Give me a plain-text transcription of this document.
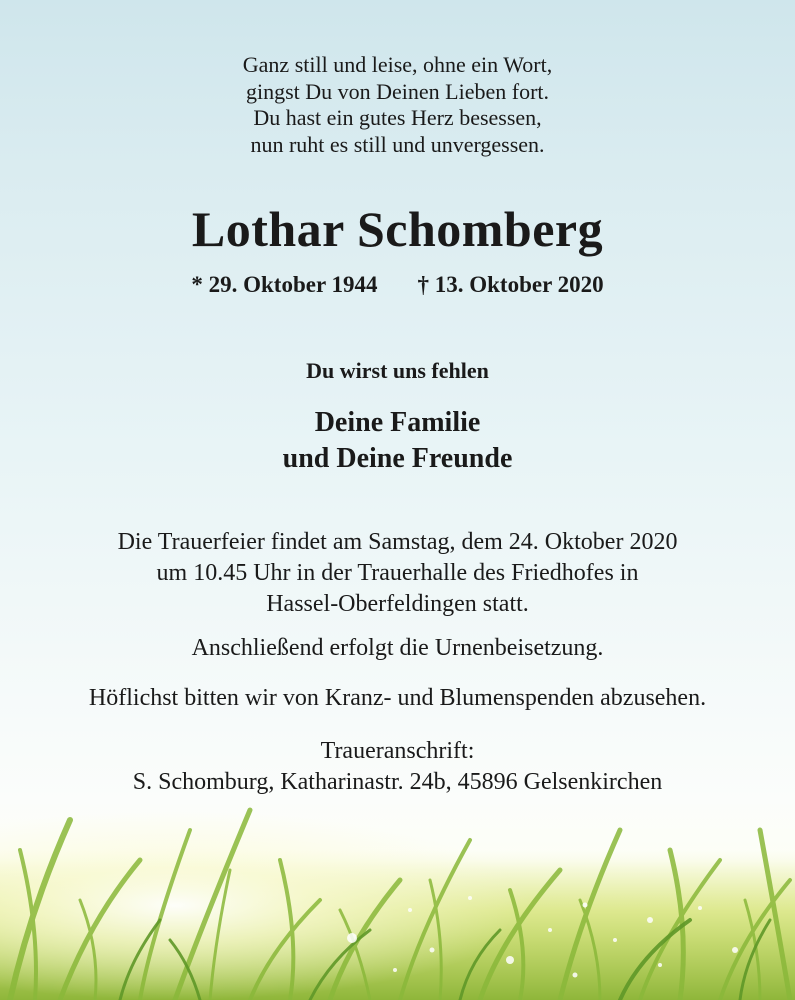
Ganz still und leise, ohne ein Wort,
gingst Du von Deinen Lieben fort.
Du hast ein gutes Herz besessen,
nun ruht es still und unvergessen.
Lothar Schomberg
* 29. Oktober 1944 † 13. Oktober 2020
Du wirst uns fehlen
Deine Familie
und Deine Freunde
Die Trauerfeier findet am Samstag, dem 24. Oktober 2020
um 10.45 Uhr in der Trauerhalle des Friedhofes in
Hassel-Oberfeldingen statt.
Anschließend erfolgt die Urnenbeisetzung.
Höflichst bitten wir von Kranz- und Blumenspenden abzusehen.
Traueranschrift:
S. Schomburg, Katharinastr. 24b, 45896 Gelsenkirchen
